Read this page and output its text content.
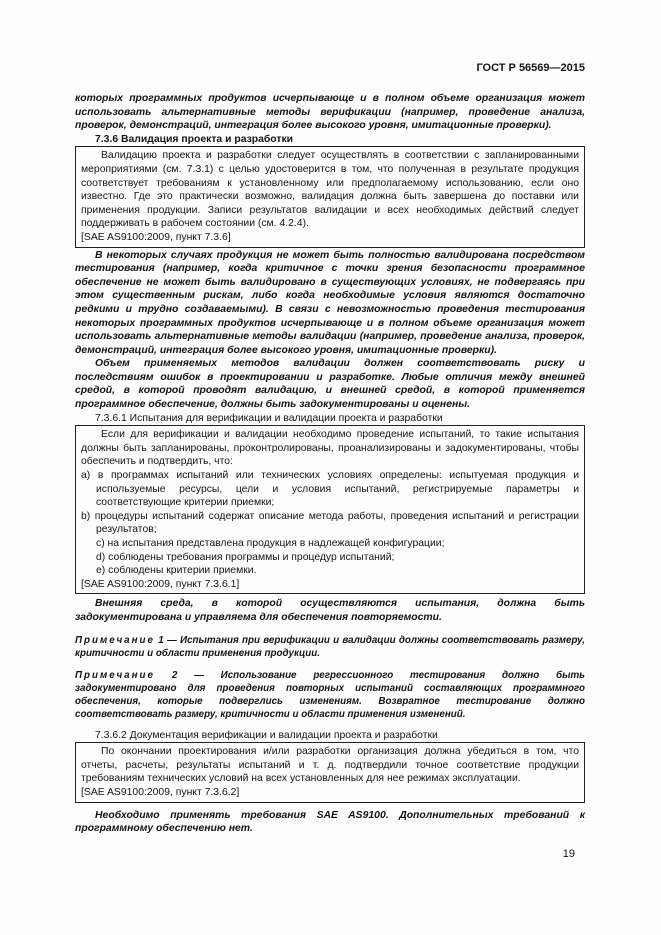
ГОСТ Р 56569—2015

которых программных продуктов исчерпывающе и в полном объеме организация может использовать альтернативные методы верификации (например, проведение анализа, проверок, демонстраций, интеграция более высокого уровня, имитационные проверки).

7.3.6 Валидация проекта и разработки

Валидацию проекта и разработки следует осуществлять в соответствии с запланированными мероприятиями (см. 7.3.1) с целью удостоверится в том, что полученная в результате продукция соответствует требованиям к установленному или предполагаемому использованию, если оно известно. Где это практически возможно, валидация должна быть завершена до поставки или применения продукции. Записи результатов валидации и всех необходимых действий следует поддерживать в рабочем состоянии (см. 4.2.4).

[SAE AS9100:2009, пункт 7.3.6]

В некоторых случаях продукция не может быть полностью валидирована посредством тестирования (например, когда критичное с точки зрения безопасности программное обеспечение не может быть валидировано в существующих условиях, не подвергаясь при этом существенным рискам, либо когда необходимые условия являются достаточно редкими и трудно создаваемыми). В связи с невозможностью проведения тестирования некоторых программных продуктов исчерпывающе и в полном объеме организация может использовать альтернативные методы валидации (например, проведение анализа, проверок, демонстраций, интеграция более высокого уровня, имитационные проверки).

Объем применяемых методов валидации должен соответствовать риску и последствиям ошибок в проектировании и разработке. Любые отличия между внешней средой, в которой проводят валидацию, и внешней средой, в которой применяется программное обеспечение, должны быть задокументированы и оценены.

7.3.6.1 Испытания для верификации и валидации проекта и разработки

Если для верификации и валидации необходимо проведение испытаний, то такие испытания должны быть запланированы, проконтролированы, проанализированы и задокументированы, чтобы обеспечить и подтвердить, что:

a) в программах испытаний или технических условиях определены: испытуемая продукция и используемые ресурсы, цели и условия испытаний, регистрируемые параметры и соответствующие критерии приемки;

b) процедуры испытаний содержат описание метода работы, проведения испытаний и регистрации результатов;

c) на испытания представлена продукция в надлежащей конфигурации;

d) соблюдены требования программы и процедур испытаний;

e) соблюдены критерии приемки.

[SAE AS9100:2009, пункт 7.3.6.1]

Внешняя среда, в которой осуществляются испытания, должна быть задокументирована и управляема для обеспечения повторяемости.

Примечание 1 — Испытания при верификации и валидации должны соответствовать размеру, критичности и области применения продукции.

Примечание 2 — Использование регрессионного тестирования должно быть задокументировано для проведения повторных испытаний составляющих программного обеспечения, которые подверглись изменениям. Возвратное тестирование должно соответствовать размеру, критичности и области применения изменений.

7.3.6.2 Документация верификации и валидации проекта и разработки

По окончании проектирования и/или разработки организация должна убедиться в том, что отчеты, расчеты, результаты испытаний и т. д. подтвердили точное соответствие продукции требованиям технических условий на всех установленных для нее режимах эксплуатации.

[SAE AS9100:2009, пункт 7.3.6.2]

Необходимо применять требования SAE AS9100. Дополнительных требований к программному обеспечению нет.

19
